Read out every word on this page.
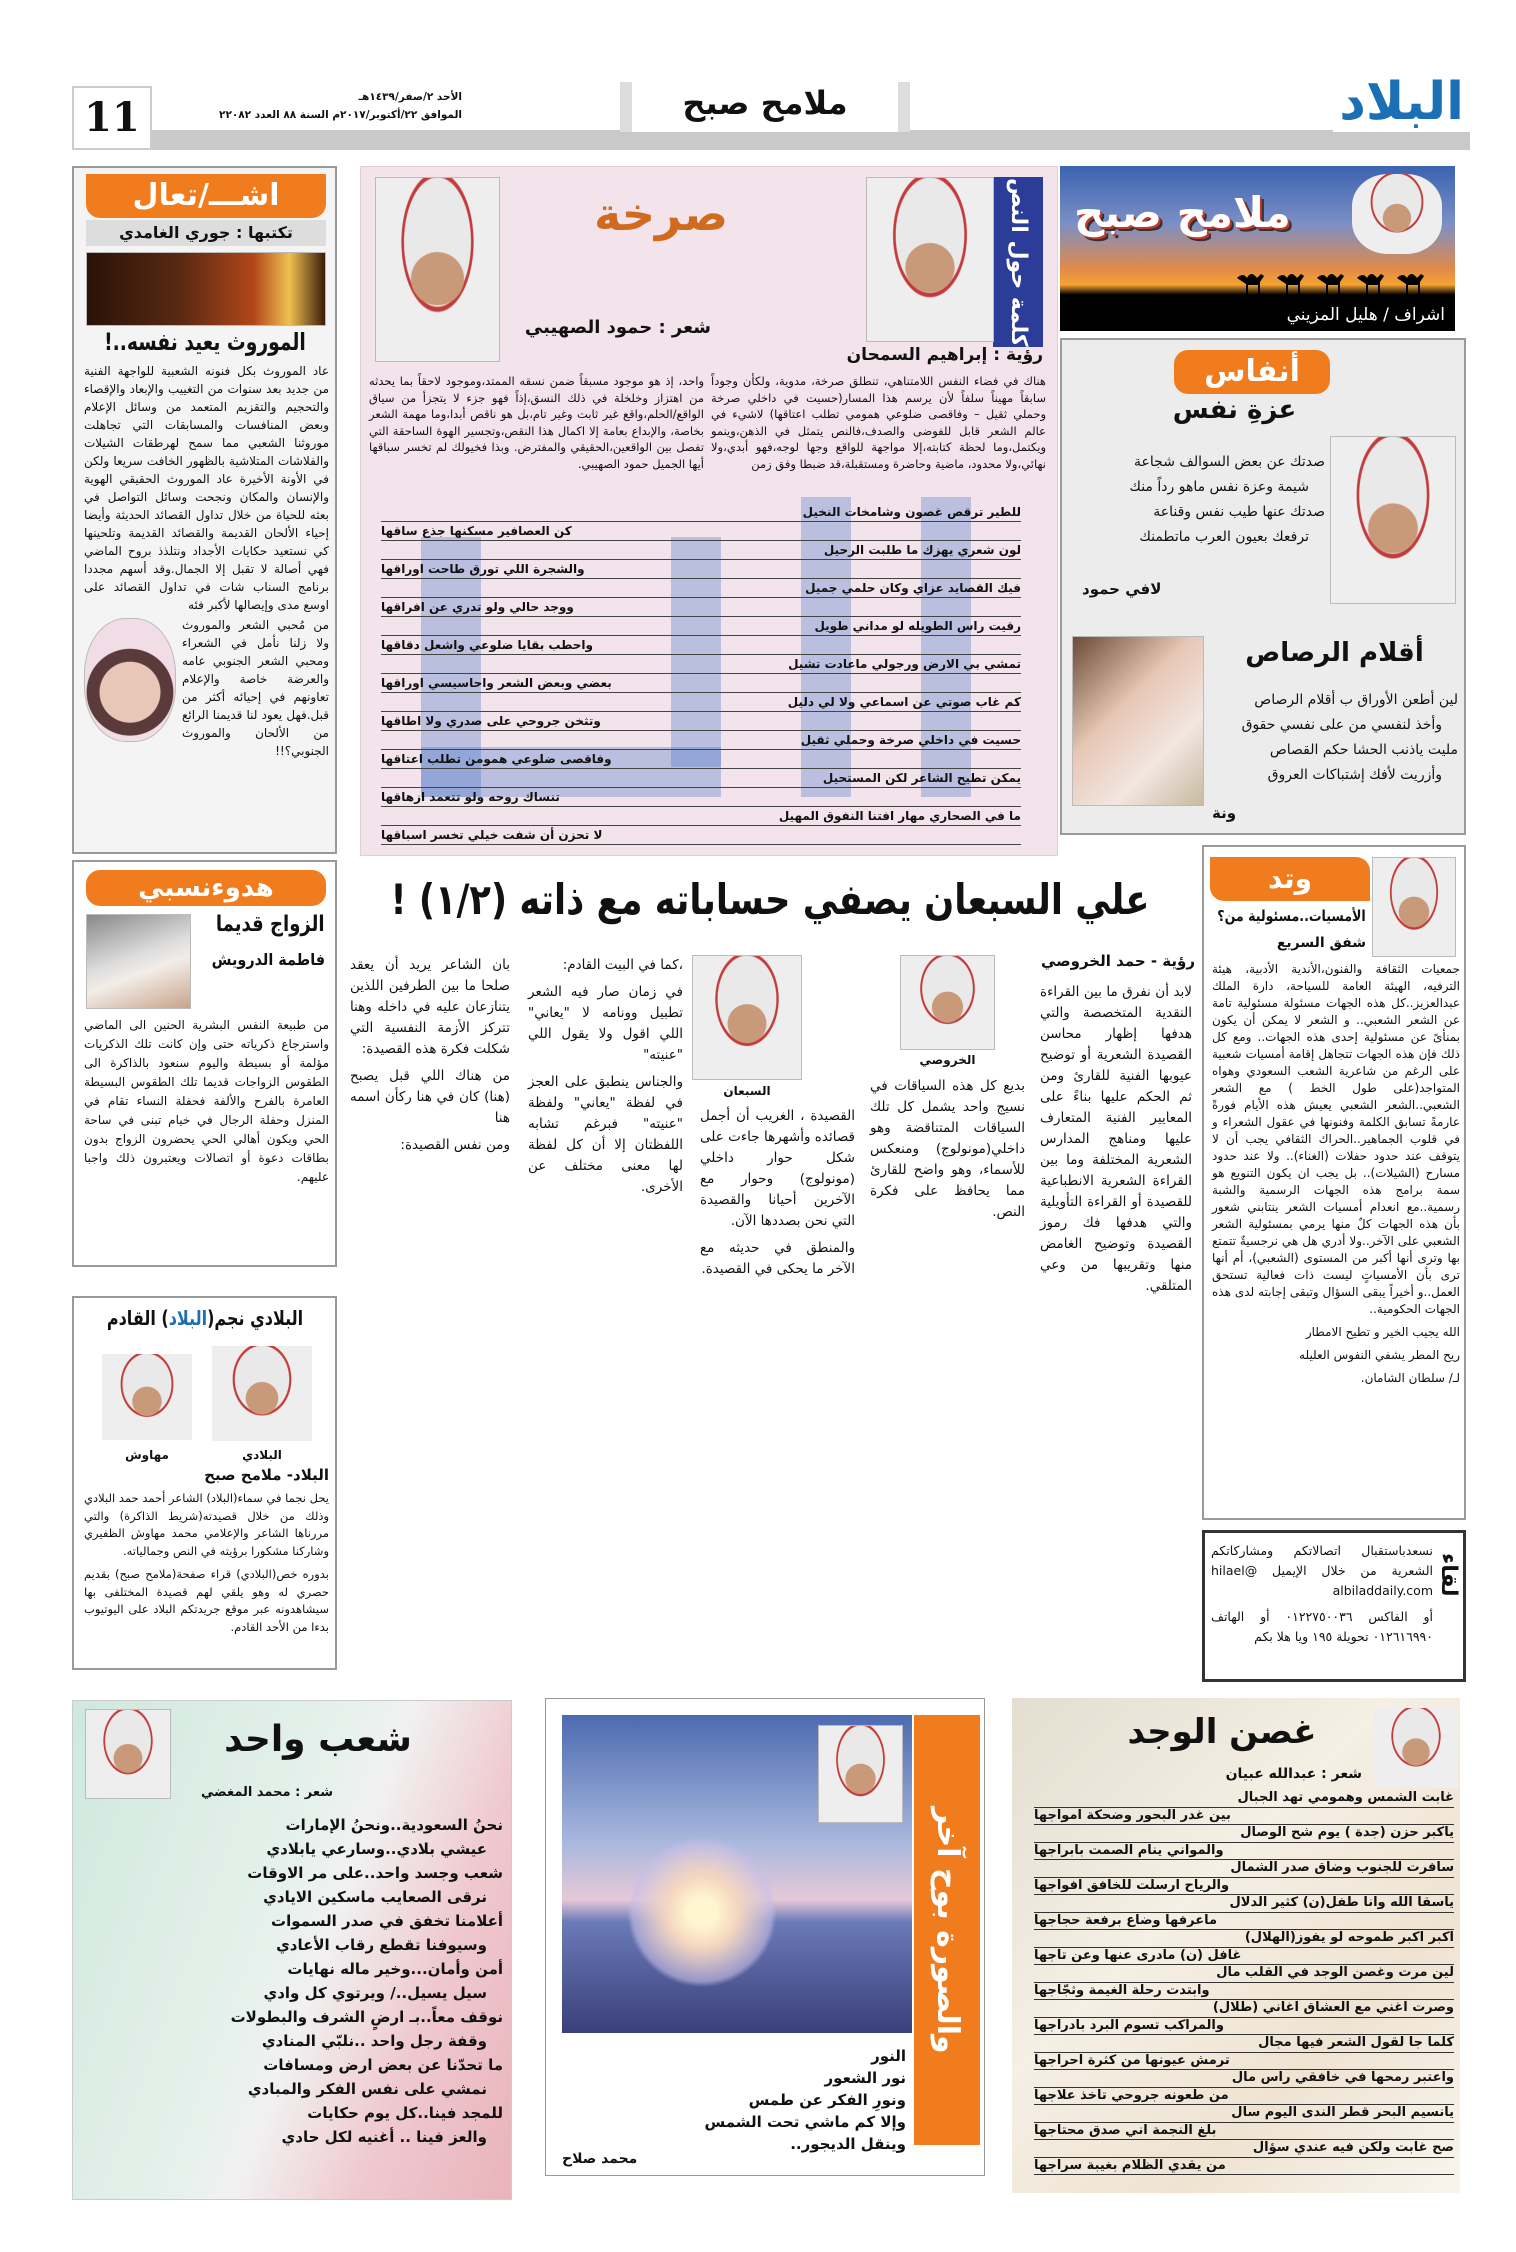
11	الأحد ٢/صفر/١٤٣٩هـ
الموافق ٢٢/أكتوبر/٢٠١٧م السنة ٨٨ العدد ٢٢٠٨٢	ملامح صبح	البلاد
ملامح صبح
اشراف / هليل المزيني
أنفاس
عزةِ نفس

صدتك عن بعض السوالف شجاعة

شيمة وعزة نفس ماهو رداً منك

صدتك عنها طيب نفس وقناعة

ترفعك بعيون العرب ماتطمنك

لافي حمود
أقلام الرصاص

لين أطعن الأوراق ب أقلام الرصاص

وأخذ لنفسي من على نفسي حقوق

مليت ياذنب الحشا حكم القصاص

وأزريت لأفك إشتباكات العروق

ونة
كلمة حول النص
صرخة
شعر : حمود الصهيبي
رؤية : إبراهيم السمحان

هناك في فضاء النفس اللامتناهي، تنطلق صرخة، مدوية، ولكأن وجوداً سابقاً مهيناً سلفاً لأن يرسم هذا المسار(حسيت في داخلي صرخة وحملي ثقيل – وفاقصى ضلوعي همومي تطلب اعتاقها) لاشيء في عالم الشعر قابل للفوضى والصدف،فالنص يتمثل في الذهن،وينمو ويكتمل،وما لحظة كتابته،إلا مواجهة للواقع وجها لوجه،فهو أبدي،ولا نهائي،ولا محدود، ماضية وحاضرة ومستقبلة،قد ضبطا وفق زمن

واحد، إذ هو موجود مسبقاً ضمن نسقه الممتد،وموجود لاحقاً بما يحدثه من اهتزاز وخلخلة في ذلك النسق،إذاً فهو جزء لا يتجزأ من سياق الواقع/الحلم،واقع غير ثابت وغير تام،بل هو ناقص أبدا،وما مهمة الشعر بخاصة، والإبداع بعامة إلا اكمال هذا النقص،وتجسير الهوة الساحقة التي تفصل بين الواقعين،الحقيقي والمفترض. وبذا فخيولك لم تخسر سباقها أيها الجميل حمود الصهيبي.

للطير ترقص غصون وشامخات النخيل

كن العصافير مسكنها جذع ساقها

لون شعري يهزك ما طلبت الرحيل

والشجرة اللي تورق طاحت اوراقها

فيك القصايد عزاي وكان حلمي جميل

ووجد حالي ولو تدري عن افراقها

رقيت راس الطويله لو مداني طويل

واحطب بقايا ضلوعي واشعل دقاقها

تمشي بي الارض ورجولي ماعادت تشيل

بعضي وبعض الشعر واحاسيسي اوراقها

كم غاب صوتي عن اسماعي ولا لي دليل

وتثخن جروحي على صدري ولا اطاقها

حسيت في داخلي صرخة وحملي ثقيل

وفاقصى ضلوعي همومن تطلب اعتاقها

يمكن تطيح الشاعر لكن المستحيل

تنساك روحه ولو تتعمد ازهاقها

ما في الصحاري مهار افتنا النفوق المهيل

لا تحزن أن شفت خيلي تخسر اسباقها

اشـــ/تعال
تكتبها : جوري الغامدي
الموروث يعيد نفسه..!

عاد الموروث بكل فنونه الشعبية للواجهة الفنية من جديد بعد سنوات من التغييب والإبعاد والإقصاء والتحجيم والتقزيم المتعمد من وسائل الإعلام وبعض المنافسات والمسابقات التي تجاهلت موروثنا الشعبي مما سمح لهرطقات الشيلات والفلاشات المتلاشية بالظهور الخافت سريعا ولكن في الأونة الأخيرة عاد الموروث الحقيقي الهوية والإنسان والمكان ونجحت وسائل التواصل في بعثه للحياة من خلال تداول القصائد الحديثة وأيضا إحياء الألحان القديمة والقصائد القديمة وتلحينها كي نستعيد حكايات الأجداد ونتلذذ بروح الماضي فهي أصالة لا تقبل إلا الجمال.وقد أسهم مجددا برنامج السناب شات في تداول القصائد على اوسع مدى وإيصالها لأكبر فئه

من مُحبي الشعر والموروث ولا زلنا نأمل في الشعراء ومحبي الشعر الجنوبي عامه والعرضة خاصة والإعلام تعاونهم في إحيائه أكثر من قبل.فهل يعود لنا قديمنا الرائع من الألحان والموروث الجنوبي؟!!

هدوءنسبي
الزواج قديما
فاطمة الدرويش

من طبيعة النفس البشرية الحنين الى الماضي واسترجاع ذكرياته حتى وإن كانت تلك الذكريات مؤلمة أو بسيطة واليوم سنعود بالذاكرة الى الطقوس الزواجات قديما تلك الطقوس البسيطة العامرة بالفرح والألفة فحفلة النساء تقام في المنزل وحفلة الرجال في خيام تبنى في ساحة الحي ويكون أهالي الحي يحضرون الزواج بدون بطاقات دعوة أو اتصالات ويعتبرون ذلك واجبا عليهم.

البلادي نجم(البلاد) القادم
البلادي
مهاوش
البلاد- ملامح صبح

يحل نجما في سماء(البلاد) الشاعر أحمد حمد البلادي وذلك من خلال قصيدته(شريط الذاكرة) والتي مررناها الشاعر والإعلامي محمد مهاوش الظفيري وشاركنا مشكورا برؤيته في النص وجمالياته.

بدوره خص(البلادي) قراء صفحة(ملامح صبح) بقديم حصري له وهو يلقي لهم قصيدة المختلفى بها سيشاهدونه عبر موقع جريدتكم البلاد على اليوتيوب بدءا من الأحد القادم.

علي السبعان يصفي حساباته مع ذاته (١/٢) !
رؤية - حمد الخروصي
الخروصي
السبعان

لابد أن نفرق ما بين القراءة النقدية المتخصصة والتي هدفها إظهار محاسن القصيدة الشعرية أو توضيح عيوبها الفنية للقارئ ومن ثم الحكم عليها بناءً على المعايير الفنية المتعارف عليها ومناهج المدارس الشعرية المختلفة وما بين القراءة الشعرية الانطباعية للقصيدة أو القراءة التأويلية والتي هدفها فك رموز القصيدة وتوضيح الغامض منها وتقريبها من وعي المتلقي.

بديع كل هذه السياقات في نسيج واحد يشمل كل تلك السياقات المتناقضة وهو داخلي(مونولوج) ومنعكس للأسماء، وهو واضح للقارئ مما يحافظ على فكرة النص.

القصيدة ، الغريب أن أجمل قصائده وأشهرها جاءت على شكل حوار داخلي (مونولوج) وحوار مع الآخرين أحيانا والقصيدة التي نحن بصددها الآن.

والمنطق في حديثه مع الآخر ما يحكى في القصيدة.

،كما في البيت القادم:

في زمان صار فيه الشعر تطبيل وونامه لا "يعاني" اللي اقول ولا يقول اللي "عنيته"

والجناس ينطبق على العجز في لفظة "يعاني" ولفظة "عنيته" فبرغم تشابه اللفظتان إلا أن كل لفظة لها معنى مختلف عن الأخرى.

بان الشاعر يريد أن يعقد صلحا ما بين الطرفين اللذين يتنازعان عليه في داخله وهنا تتركز الأزمة النفسية التي شكلت فكرة هذه القصيدة:

من هناك اللي قبل يصبح (هنا) كان في هنا ركأن اسمه هنا

ومن نفس القصيدة:

وتد
الأمسيات..مسئولية من؟
شفق السريع

جمعيات الثقافة والفنون،الأندية الأدبية، هيئة الترفيه، الهيئة العامة للسياحة، دارة الملك عبدالعزيز..كل هذه الجهات مسئولة مسئولية تامة عن الشعر الشعبي.. و الشعر لا يمكن أن يكون بمنأىً عن مسئولية إحدى هذه الجهات.. ومع كل ذلك فإن هذه الجهات تتجاهل إقامة أمسيات شعبية على الرغم من شاعرية الشعب السعودي وهواه المتواجد(على طول الخط ) مع الشعر الشعبي..الشعر الشعبي يعيش هذه الأيام فورةً عارمةً تسابق الكلمة وفنونها في عقول الشعراء و في قلوب الجماهير..الحراك الثقافي يجب أن لا يتوقف عند حدود حفلات (الغناء).. ولا عند حدود مسارح (الشيلات).. بل يجب ان يكون التنويع هو سمة برامج هذه الجهات الرسمية والشبة رسمية..مع انعدام أمسيات الشعر ينتابني شعور بأن هذه الجهات كلٌ منها يرمي بمسئولية الشعر الشعبي على الآخر..ولا أدري هل هي نرجسيةٌ تتمتع بها وترى أنها أكبر من المستوى (الشعبي)، أم أنها ترى بأن الأمسياتٍ ليست ذات فعالية تستحق العمل..و أخيراً يبقى السؤال وتبقى إجابته لدى هذه الجهات الحكومية..

الله يجيب الخير و تطيح الامطار

ريح المطر يشفي النفوس العليله

لـ/ سلطان الشامان.

لقاء

نسعدباستقبال اتصالاتكم ومشاركاتكم الشعرية من خلال الإيميل @hilael albiladdaily.com

أو الفاكس ٠١٢٢٧٥٠٠٣٦ أو الهاتف ٠١٢٦١٦٩٩٠ تحويلة ١٩٥ ويا هلا بكم

شعب واحد
شعر : محمد المغضي

نحنُ السعودية..ونحنُ الإمارات

عيشي بلادي..وسارعي يابلادي

شعب وجسد واحد..على مر الاوقات

نرقى الصعايب ماسكين الايادي

أعلامنا تخفق في صدر السموات

وسيوفنا تقطع رقاب الأعادي

أمن وأمان...وخير ماله نهايات

سيل يسيل../ ويرتوي كل وادي

نوقف معاً..بـ ارضٍ الشرف والبطولات

وقفة رجل واحد ..نلبّي المنادي

ما تحدّنا عن بعض ارض ومسافات

نمشي على نفس الفكر والمبادي

للمجد فينا..كل يوم حكايات

والعز فينا .. أغنيه لكل حادي

والصورة بوح آخر

النور

نور الشعور

ونورِ الفكر عن طمس

وإلا كم ماشي تحت الشمس

وينقل الديجور..

محمد صلاح
غصن الوجد
شعر : عبدالله عبيان

غابت الشمس وهمومي تهد الجبال

بين غدر البحور وضحكة امواجها

ياكبر حزن (جدة ) يوم شح الوصال

والمواني ينام الصمت بابراجها

سافرت للجنوب وضاق صدر الشمال

والرياح ارسلت للخافق افواجها

ياسقا الله وانا طفل(ن) كثير الدلال

ماعرفها وضاع برفعة حجاجها

اكبر اكبر طموحه لو يفوز(الهلال)

غافل (ن) مادرى عنها وعن تاجها

لين مرت وغصن الوجد في القلب مال

وابتدت رحلة الغيمة وثجّاجها

وصرت اغني مع العشاق اغاني (طلال)

والمراكب تسوم البرد بادراجها

كلما جا لقول الشعر فيها مجال

ترمش عيونها من كثرة احراجها

واعتبر رمحها في خافقي راس مال

من طعونه جروحي تاخذ علاجها

يانسيم البحر قطر الندى اليوم سال

بلغ النجمة اني صدق محتاجها

صح غابت ولكن فيه عندي سؤال

من يقدي الظلام بغيبة سراجها
